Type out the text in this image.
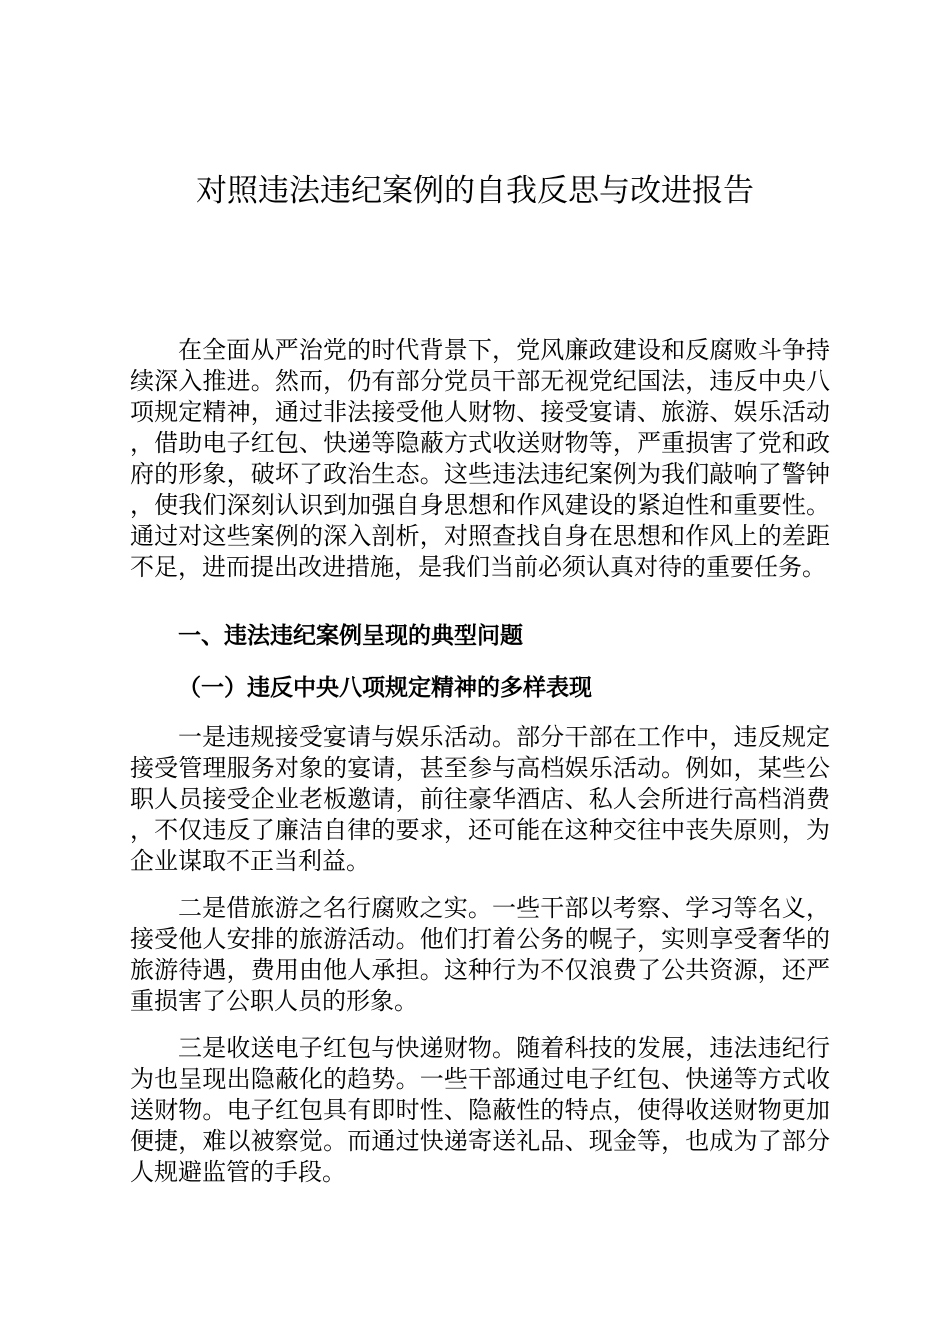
对照违法违纪案例的自我反思与改进报告

在全面从严治党的时代背景下，党风廉政建设和反腐败斗争持续深入推进。然而，仍有部分党员干部无视党纪国法，违反中央八项规定精神，通过非法接受他人财物、接受宴请、旅游、娱乐活动，借助电子红包、快递等隐蔽方式收送财物等，严重损害了党和政府的形象，破坏了政治生态。这些违法违纪案例为我们敲响了警钟，使我们深刻认识到加强自身思想和作风建设的紧迫性和重要性。通过对这些案例的深入剖析，对照查找自身在思想和作风上的差距不足，进而提出改进措施，是我们当前必须认真对待的重要任务。

一、违法违纪案例呈现的典型问题
（一）违反中央八项规定精神的多样表现

一是违规接受宴请与娱乐活动。部分干部在工作中，违反规定接受管理服务对象的宴请，甚至参与高档娱乐活动。例如，某些公职人员接受企业老板邀请，前往豪华酒店、私人会所进行高档消费，不仅违反了廉洁自律的要求，还可能在这种交往中丧失原则，为企业谋取不正当利益。

二是借旅游之名行腐败之实。一些干部以考察、学习等名义，接受他人安排的旅游活动。他们打着公务的幌子，实则享受奢华的旅游待遇，费用由他人承担。这种行为不仅浪费了公共资源，还严重损害了公职人员的形象。

三是收送电子红包与快递财物。随着科技的发展，违法违纪行为也呈现出隐蔽化的趋势。一些干部通过电子红包、快递等方式收送财物。电子红包具有即时性、隐蔽性的特点，使得收送财物更加便捷，难以被察觉。而通过快递寄送礼品、现金等，也成为了部分人规避监管的手段。
